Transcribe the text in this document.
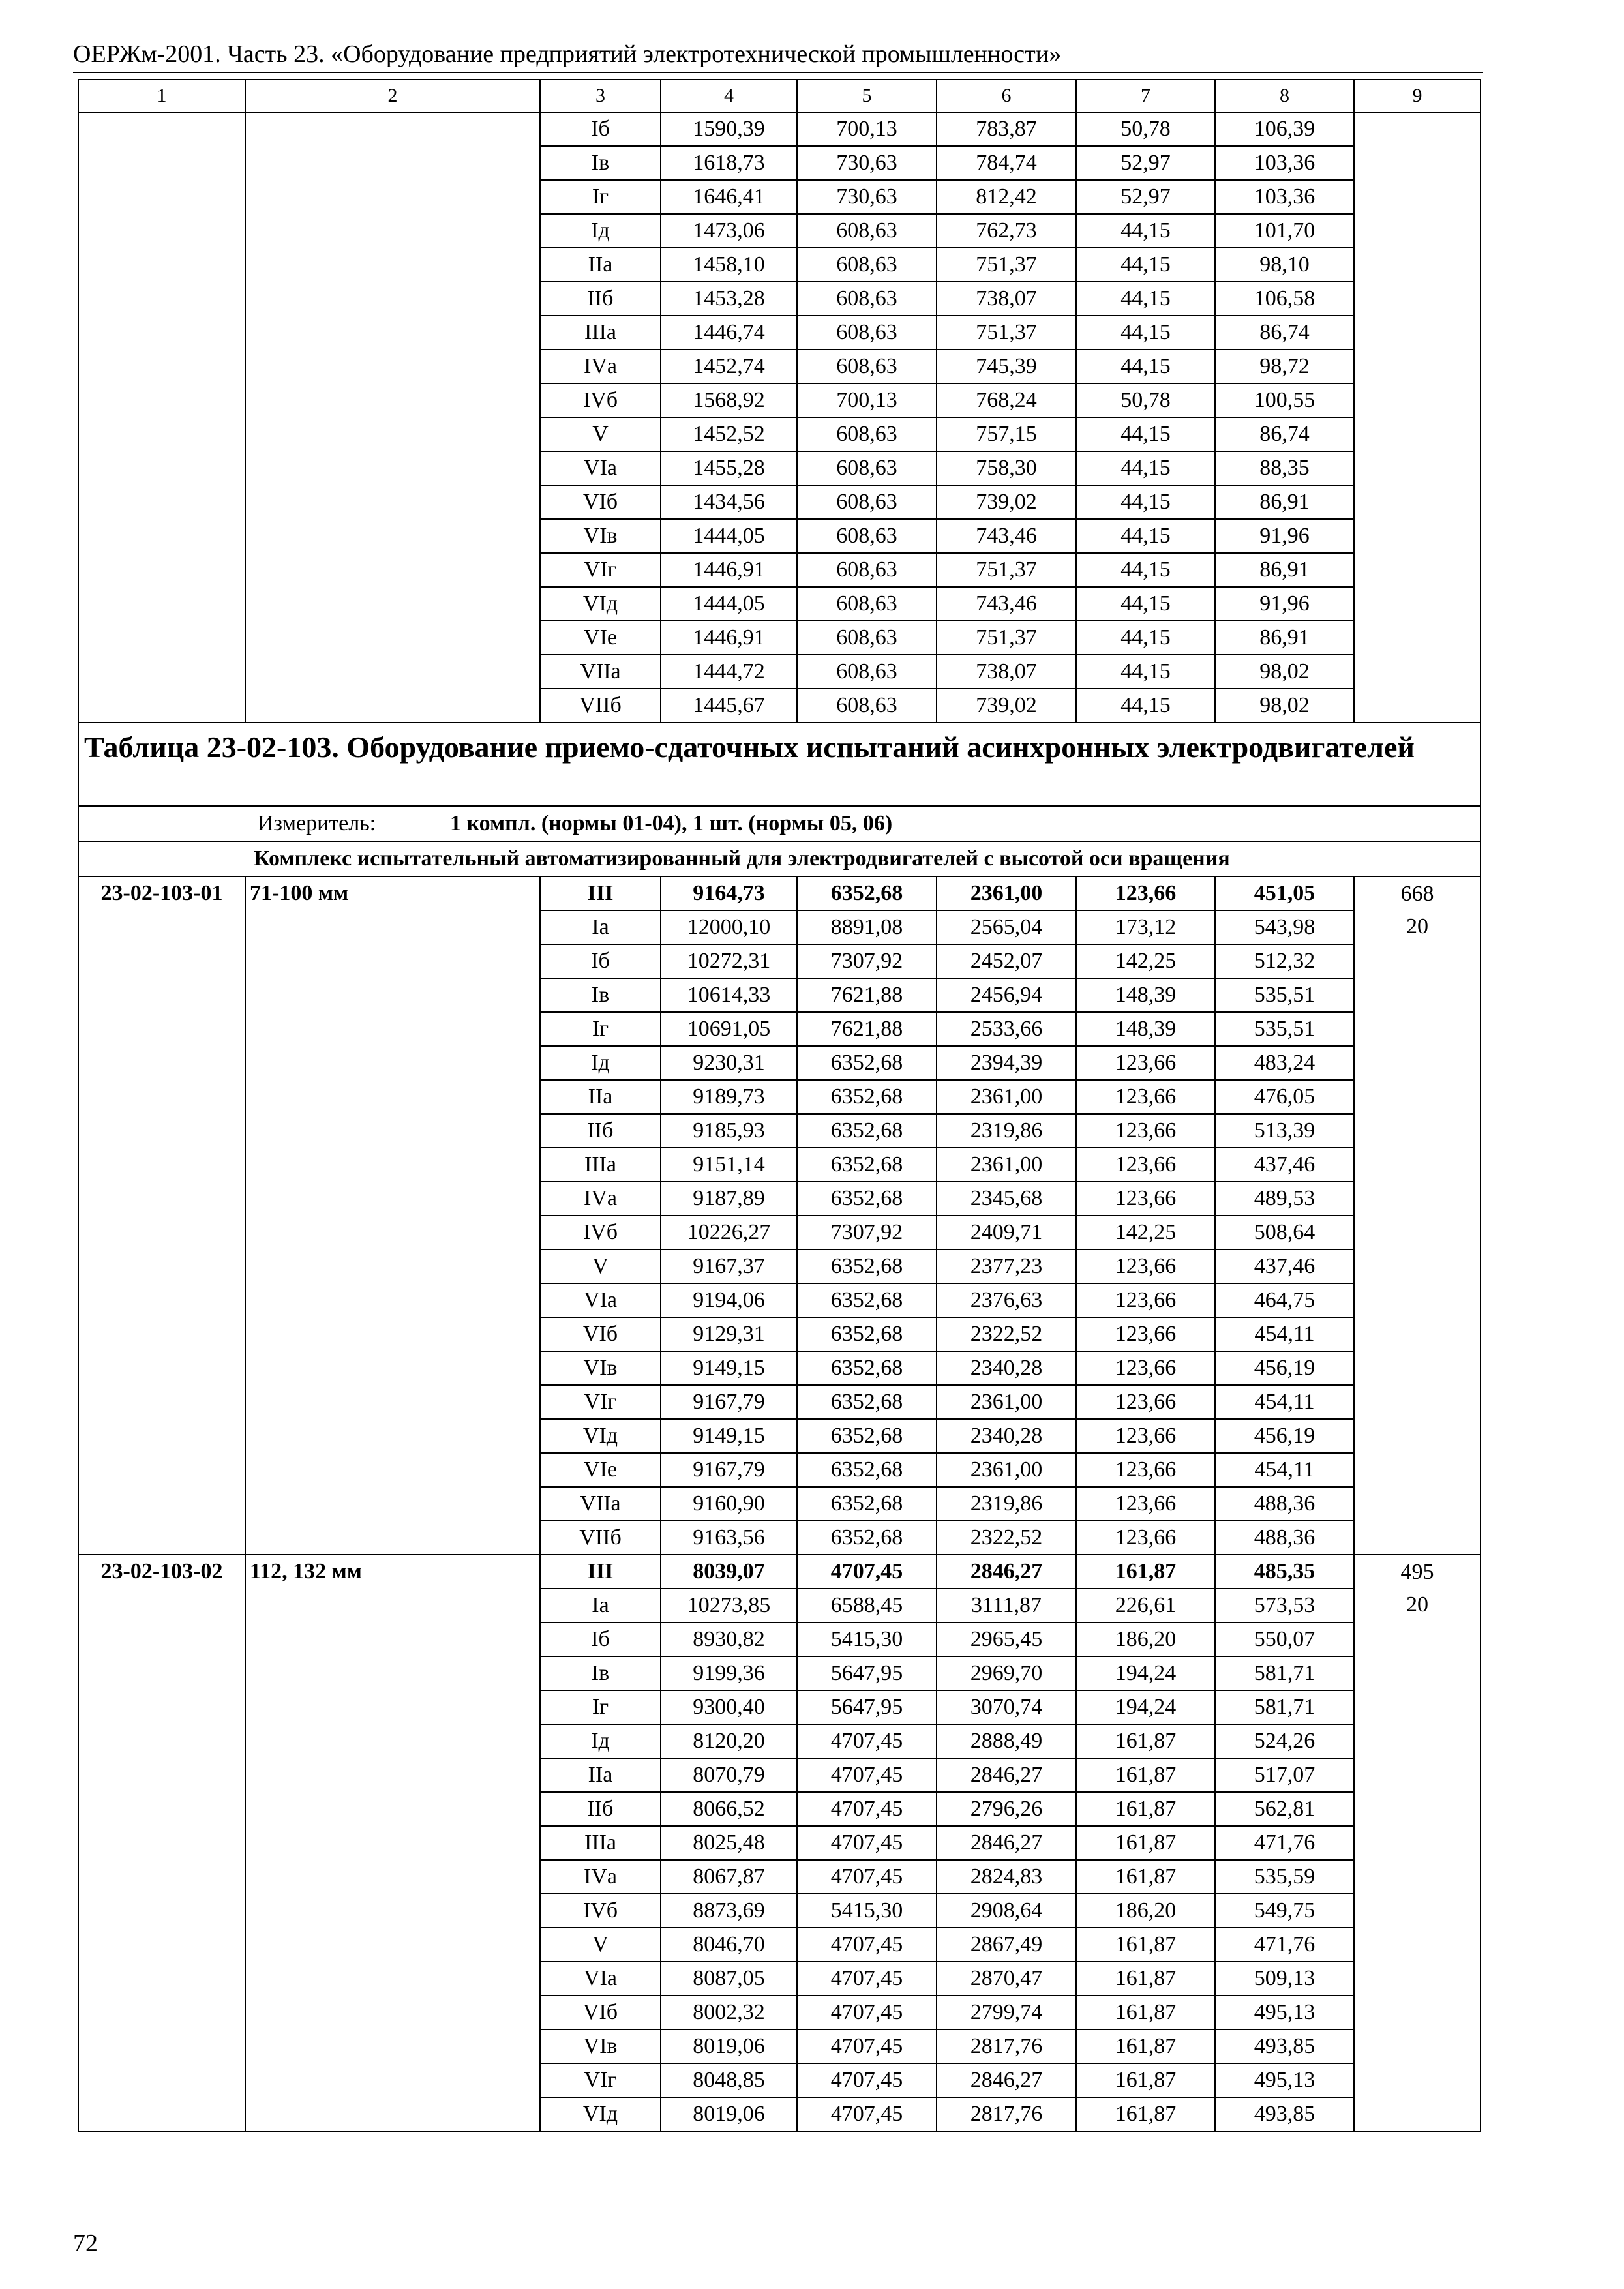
ОЕРЖм-2001. Часть 23. «Оборудование предприятий электротехнической промышленности»
1	2	3	4	5	6	7	8	9
		Iб	1590,39	700,13	783,87	50,78	106,39	
		Iв	1618,73	730,63	784,74	52,97	103,36	
		Iг	1646,41	730,63	812,42	52,97	103,36	
		Iд	1473,06	608,63	762,73	44,15	101,70	
		IIа	1458,10	608,63	751,37	44,15	98,10	
		IIб	1453,28	608,63	738,07	44,15	106,58	
		IIIа	1446,74	608,63	751,37	44,15	86,74	
		IVа	1452,74	608,63	745,39	44,15	98,72	
		IVб	1568,92	700,13	768,24	50,78	100,55	
		V	1452,52	608,63	757,15	44,15	86,74	
		VIа	1455,28	608,63	758,30	44,15	88,35	
		VIб	1434,56	608,63	739,02	44,15	86,91	
		VIв	1444,05	608,63	743,46	44,15	91,96	
		VIг	1446,91	608,63	751,37	44,15	86,91	
		VIд	1444,05	608,63	743,46	44,15	91,96	
		VIе	1446,91	608,63	751,37	44,15	86,91	
		VIIа	1444,72	608,63	738,07	44,15	98,02	
		VIIб	1445,67	608,63	739,02	44,15	98,02	
Таблица 23-02-103. Оборудование приемо-сдаточных испытаний асинхронных электродвигателей								
Измеритель: 1 компл. (нормы 01-04), 1 шт. (нормы 05, 06)								
Комплекс испытательный автоматизированный для электродвигателей с высотой оси вращения								
23-02-103-01	71-100 мм	III	9164,73	6352,68	2361,00	123,66	451,05	668
		Iа	12000,10	8891,08	2565,04	173,12	543,98	20
		Iб	10272,31	7307,92	2452,07	142,25	512,32	
		Iв	10614,33	7621,88	2456,94	148,39	535,51	
		Iг	10691,05	7621,88	2533,66	148,39	535,51	
		Iд	9230,31	6352,68	2394,39	123,66	483,24	
		IIа	9189,73	6352,68	2361,00	123,66	476,05	
		IIб	9185,93	6352,68	2319,86	123,66	513,39	
		IIIа	9151,14	6352,68	2361,00	123,66	437,46	
		IVа	9187,89	6352,68	2345,68	123,66	489,53	
		IVб	10226,27	7307,92	2409,71	142,25	508,64	
		V	9167,37	6352,68	2377,23	123,66	437,46	
		VIа	9194,06	6352,68	2376,63	123,66	464,75	
		VIб	9129,31	6352,68	2322,52	123,66	454,11	
		VIв	9149,15	6352,68	2340,28	123,66	456,19	
		VIг	9167,79	6352,68	2361,00	123,66	454,11	
		VIд	9149,15	6352,68	2340,28	123,66	456,19	
		VIе	9167,79	6352,68	2361,00	123,66	454,11	
		VIIа	9160,90	6352,68	2319,86	123,66	488,36	
		VIIб	9163,56	6352,68	2322,52	123,66	488,36	
23-02-103-02	112, 132 мм	III	8039,07	4707,45	2846,27	161,87	485,35	495
		Iа	10273,85	6588,45	3111,87	226,61	573,53	20
		Iб	8930,82	5415,30	2965,45	186,20	550,07	
		Iв	9199,36	5647,95	2969,70	194,24	581,71	
		Iг	9300,40	5647,95	3070,74	194,24	581,71	
		Iд	8120,20	4707,45	2888,49	161,87	524,26	
		IIа	8070,79	4707,45	2846,27	161,87	517,07	
		IIб	8066,52	4707,45	2796,26	161,87	562,81	
		IIIа	8025,48	4707,45	2846,27	161,87	471,76	
		IVа	8067,87	4707,45	2824,83	161,87	535,59	
		IVб	8873,69	5415,30	2908,64	186,20	549,75	
		V	8046,70	4707,45	2867,49	161,87	471,76	
		VIа	8087,05	4707,45	2870,47	161,87	509,13	
		VIб	8002,32	4707,45	2799,74	161,87	495,13	
		VIв	8019,06	4707,45	2817,76	161,87	493,85	
		VIг	8048,85	4707,45	2846,27	161,87	495,13	
		VIд	8019,06	4707,45	2817,76	161,87	493,85	
72
